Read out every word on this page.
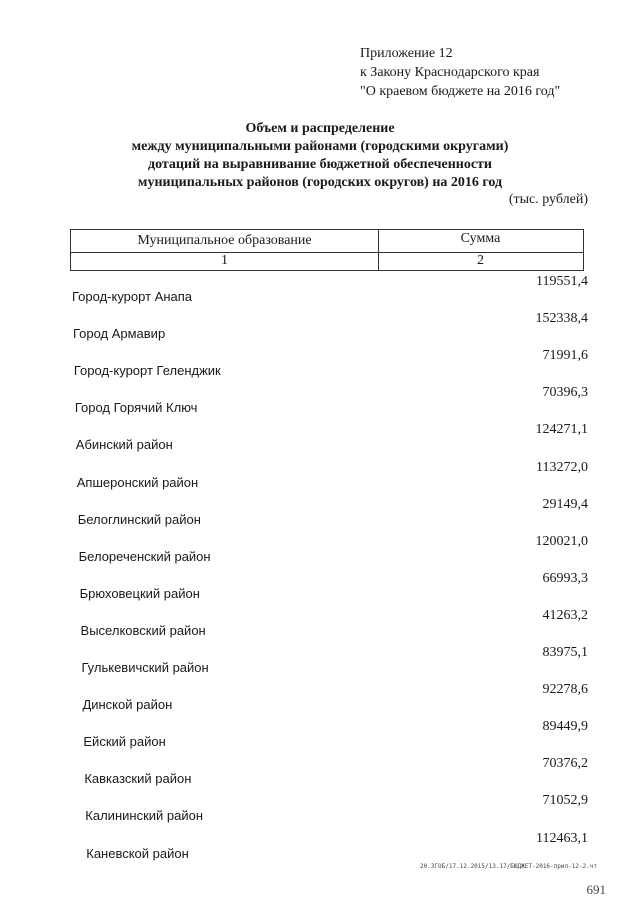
Приложение 12
к Закону Краснодарского края
"О краевом бюджете на 2016 год"
Объем и распределение
между муниципальными районами (городскими округами)
дотаций на выравнивание бюджетной обеспеченности
муниципальных районов (городских округов) на 2016 год
(тыс. рублей)
Муниципальное образование	Сумма
1	2
Город-курорт Анапа
119551,4
Город Армавир
152338,4
Город-курорт Геленджик
71991,6
Город Горячий Ключ
70396,3
Абинский район
124271,1
Апшеронский район
113272,0
Белоглинский район
29149,4
Белореченский район
120021,0
Брюховецкий район
66993,3
Выселковский район
41263,2
Гулькевичский район
83975,1
Динской район
92278,6
Ейский район
89449,9
Кавказский район
70376,2
Калининский район
71052,9
Каневской район
112463,1
20.ЗГОБ/17.12.2015/13.17/БЮДЖЕТ-2016-прил-12-2.чт
691
